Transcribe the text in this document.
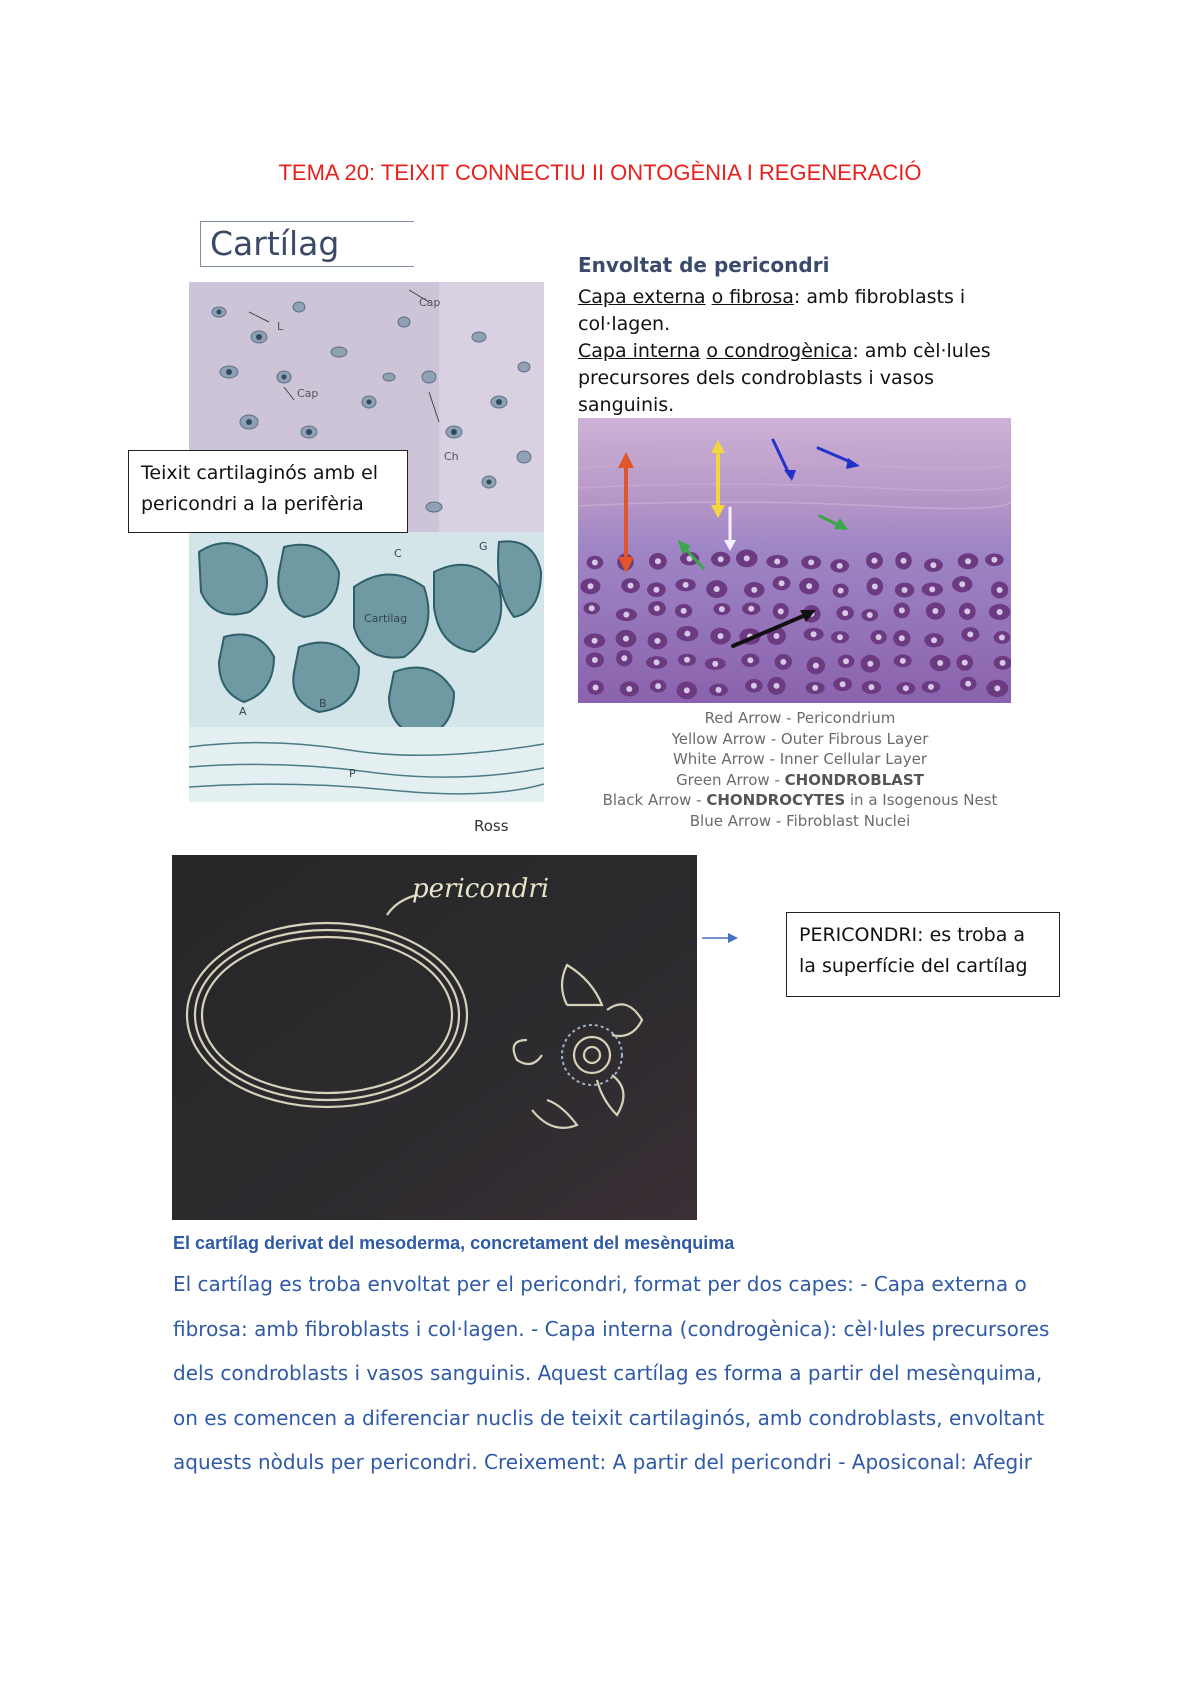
TEMA 20: TEIXIT CONNECTIU II ONTOGÈNIA I REGENERACIÓ
Cartílag
Cap
L
Cap
Ch
Cartílag
C
G
B
A
P
Teixit cartilaginós amb el
pericondri a la perifèria
Envoltat de pericondri
Capa externa o fibrosa: amb fibroblasts i
col·lagen.
Capa interna o condrogènica: amb cèl·lules
precursores dels condroblasts i vasos
sanguinis.
Red Arrow - Pericondrium
Yellow Arrow - Outer Fibrous Layer
White Arrow - Inner Cellular Layer
Green Arrow - CHONDROBLAST
Black Arrow - CHONDROCYTES in a Isogenous Nest
Blue Arrow - Fibroblast Nuclei
Ross
pericondri
PERICONDRI: es troba a
la superfície del cartílag
El cartílag derivat del mesoderma, concretament del mesènquima
El cartílag es troba envoltat per el pericondri, format per dos capes: - Capa externa o
fibrosa: amb fibroblasts i col·lagen. - Capa interna (condrogènica): cèl·lules precursores
dels condroblasts i vasos sanguinis. Aquest cartílag es forma a partir del mesènquima,
on es comencen a diferenciar nuclis de teixit cartilaginós, amb condroblasts, envoltant
aquests nòduls per pericondri. Creixement: A partir del pericondri - Aposiconal: Afegir
